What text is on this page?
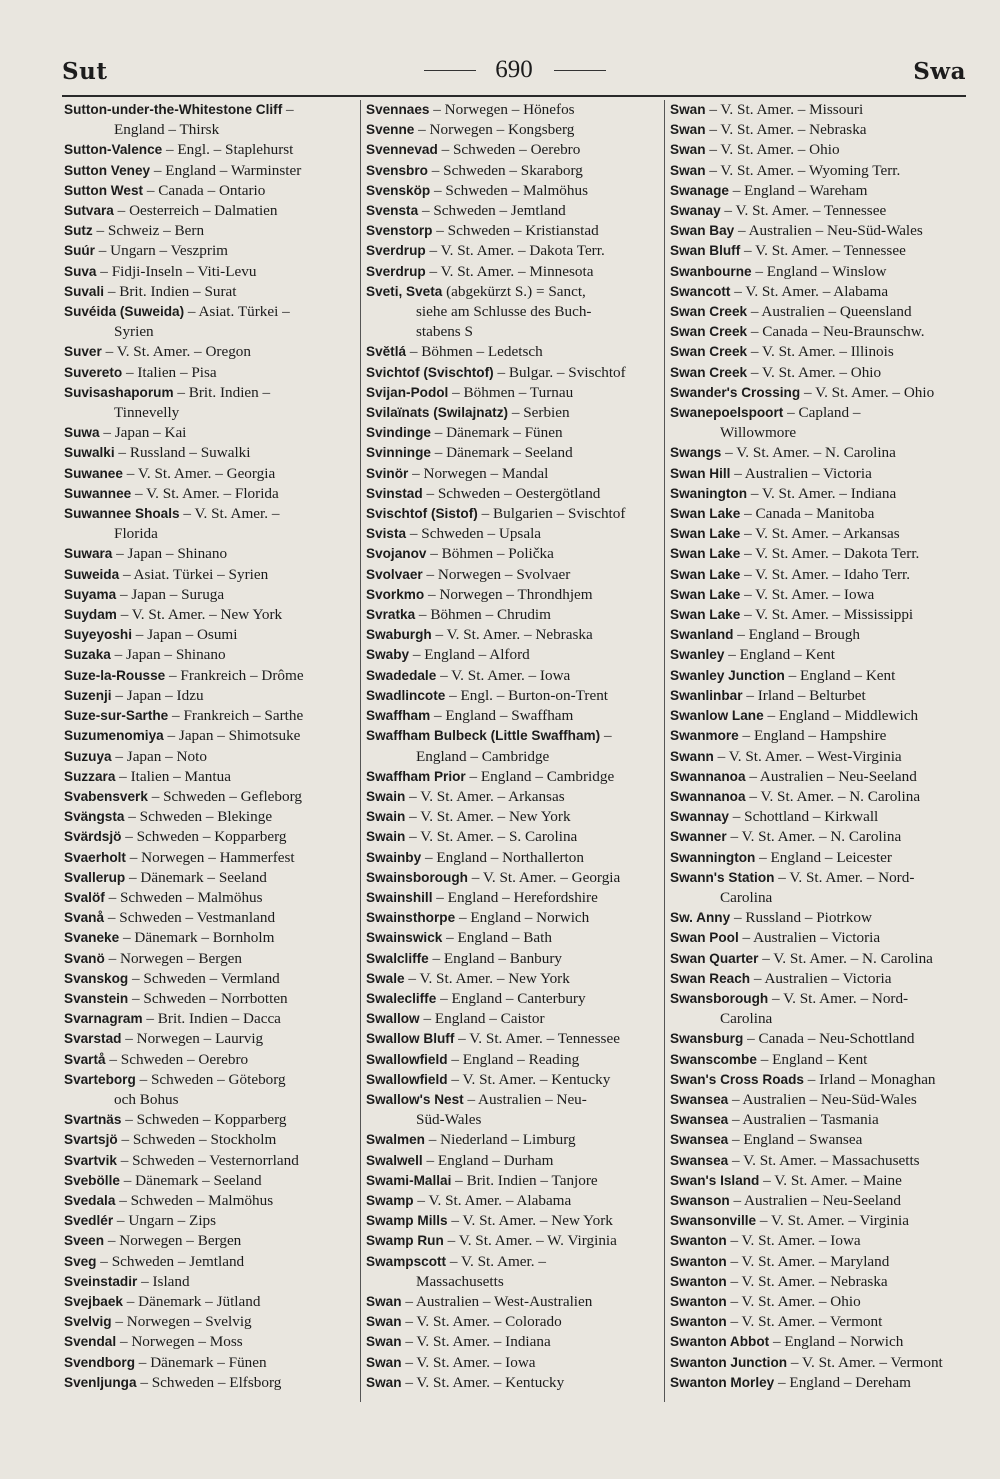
Sut	690	Swa
Sutton-under-the-Whitestone Cliff –
England – Thirsk
Sutton-Valence – Engl. – Staplehurst
Sutton Veney – England – Warminster
Sutton West – Canada – Ontario
Sutvara – Oesterreich – Dalmatien
Sutz – Schweiz – Bern
Suúr – Ungarn – Veszprim
Suva – Fidji-Inseln – Viti-Levu
Suvali – Brit. Indien – Surat
Suvéida (Suweida) – Asiat. Türkei –
Syrien
Suver – V. St. Amer. – Oregon
Suvereto – Italien – Pisa
Suvisashaporum – Brit. Indien –
Tinnevelly
Suwa – Japan – Kai
Suwalki – Russland – Suwalki
Suwanee – V. St. Amer. – Georgia
Suwannee – V. St. Amer. – Florida
Suwannee Shoals – V. St. Amer. –
Florida
Suwara – Japan – Shinano
Suweida – Asiat. Türkei – Syrien
Suyama – Japan – Suruga
Suydam – V. St. Amer. – New York
Suyeyoshi – Japan – Osumi
Suzaka – Japan – Shinano
Suze-la-Rousse – Frankreich – Drôme
Suzenji – Japan – Idzu
Suze-sur-Sarthe – Frankreich – Sarthe
Suzumenomiya – Japan – Shimotsuke
Suzuya – Japan – Noto
Suzzara – Italien – Mantua
Svabensverk – Schweden – Gefleborg
Svängsta – Schweden – Blekinge
Svärdsjö – Schweden – Kopparberg
Svaerholt – Norwegen – Hammerfest
Svallerup – Dänemark – Seeland
Svalöf – Schweden – Malmöhus
Svanå – Schweden – Vestmanland
Svaneke – Dänemark – Bornholm
Svanö – Norwegen – Bergen
Svanskog – Schweden – Vermland
Svanstein – Schweden – Norrbotten
Svarnagram – Brit. Indien – Dacca
Svarstad – Norwegen – Laurvig
Svartå – Schweden – Oerebro
Svarteborg – Schweden – Göteborg
och Bohus
Svartnäs – Schweden – Kopparberg
Svartsjö – Schweden – Stockholm
Svartvik – Schweden – Vesternorrland
Svebölle – Dänemark – Seeland
Svedala – Schweden – Malmöhus
Svedlér – Ungarn – Zips
Sveen – Norwegen – Bergen
Sveg – Schweden – Jemtland
Sveinstadir – Island
Svejbaek – Dänemark – Jütland
Svelvig – Norwegen – Svelvig
Svendal – Norwegen – Moss
Svendborg – Dänemark – Fünen
Svenljunga – Schweden – Elfsborg
Svennaes – Norwegen – Hönefos
Svenne – Norwegen – Kongsberg
Svennevad – Schweden – Oerebro
Svensbro – Schweden – Skaraborg
Svensköp – Schweden – Malmöhus
Svensta – Schweden – Jemtland
Svenstorp – Schweden – Kristianstad
Sverdrup – V. St. Amer. – Dakota Terr.
Sverdrup – V. St. Amer. – Minnesota
Sveti, Sveta (abgekürzt S.) = Sanct,
siehe am Schlusse des Buch-
stabens S
Svĕtlá – Böhmen – Ledetsch
Svichtof (Svischtof) – Bulgar. – Svischtof
Svijan-Podol – Böhmen – Turnau
Svilaïnats (Swilajnatz) – Serbien
Svindinge – Dänemark – Fünen
Svinninge – Dänemark – Seeland
Svinör – Norwegen – Mandal
Svinstad – Schweden – Oestergötland
Svischtof (Sistof) – Bulgarien – Svischtof
Svista – Schweden – Upsala
Svojanov – Böhmen – Polička
Svolvaer – Norwegen – Svolvaer
Svorkmo – Norwegen – Throndhjem
Svratka – Böhmen – Chrudim
Swaburgh – V. St. Amer. – Nebraska
Swaby – England – Alford
Swadedale – V. St. Amer. – Iowa
Swadlincote – Engl. – Burton-on-Trent
Swaffham – England – Swaffham
Swaffham Bulbeck (Little Swaffham) –
England – Cambridge
Swaffham Prior – England – Cambridge
Swain – V. St. Amer. – Arkansas
Swain – V. St. Amer. – New York
Swain – V. St. Amer. – S. Carolina
Swainby – England – Northallerton
Swainsborough – V. St. Amer. – Georgia
Swainshill – England – Herefordshire
Swainsthorpe – England – Norwich
Swainswick – England – Bath
Swalcliffe – England – Banbury
Swale – V. St. Amer. – New York
Swalecliffe – England – Canterbury
Swallow – England – Caistor
Swallow Bluff – V. St. Amer. – Tennessee
Swallowfield – England – Reading
Swallowfield – V. St. Amer. – Kentucky
Swallow's Nest – Australien – Neu-
Süd-Wales
Swalmen – Niederland – Limburg
Swalwell – England – Durham
Swami-Mallai – Brit. Indien – Tanjore
Swamp – V. St. Amer. – Alabama
Swamp Mills – V. St. Amer. – New York
Swamp Run – V. St. Amer. – W. Virginia
Swampscott – V. St. Amer. –
Massachusetts
Swan – Australien – West-Australien
Swan – V. St. Amer. – Colorado
Swan – V. St. Amer. – Indiana
Swan – V. St. Amer. – Iowa
Swan – V. St. Amer. – Kentucky
Swan – V. St. Amer. – Missouri
Swan – V. St. Amer. – Nebraska
Swan – V. St. Amer. – Ohio
Swan – V. St. Amer. – Wyoming Terr.
Swanage – England – Wareham
Swanay – V. St. Amer. – Tennessee
Swan Bay – Australien – Neu-Süd-Wales
Swan Bluff – V. St. Amer. – Tennessee
Swanbourne – England – Winslow
Swancott – V. St. Amer. – Alabama
Swan Creek – Australien – Queensland
Swan Creek – Canada – Neu-Braunschw.
Swan Creek – V. St. Amer. – Illinois
Swan Creek – V. St. Amer. – Ohio
Swander's Crossing – V. St. Amer. – Ohio
Swanepoelspoort – Capland –
Willowmore
Swangs – V. St. Amer. – N. Carolina
Swan Hill – Australien – Victoria
Swanington – V. St. Amer. – Indiana
Swan Lake – Canada – Manitoba
Swan Lake – V. St. Amer. – Arkansas
Swan Lake – V. St. Amer. – Dakota Terr.
Swan Lake – V. St. Amer. – Idaho Terr.
Swan Lake – V. St. Amer. – Iowa
Swan Lake – V. St. Amer. – Mississippi
Swanland – England – Brough
Swanley – England – Kent
Swanley Junction – England – Kent
Swanlinbar – Irland – Belturbet
Swanlow Lane – England – Middlewich
Swanmore – England – Hampshire
Swann – V. St. Amer. – West-Virginia
Swannanoa – Australien – Neu-Seeland
Swannanoa – V. St. Amer. – N. Carolina
Swannay – Schottland – Kirkwall
Swanner – V. St. Amer. – N. Carolina
Swannington – England – Leicester
Swann's Station – V. St. Amer. – Nord-
Carolina
Sw. Anny – Russland – Piotrkow
Swan Pool – Australien – Victoria
Swan Quarter – V. St. Amer. – N. Carolina
Swan Reach – Australien – Victoria
Swansborough – V. St. Amer. – Nord-
Carolina
Swansburg – Canada – Neu-Schottland
Swanscombe – England – Kent
Swan's Cross Roads – Irland – Monaghan
Swansea – Australien – Neu-Süd-Wales
Swansea – Australien – Tasmania
Swansea – England – Swansea
Swansea – V. St. Amer. – Massachusetts
Swan's Island – V. St. Amer. – Maine
Swanson – Australien – Neu-Seeland
Swansonville – V. St. Amer. – Virginia
Swanton – V. St. Amer. – Iowa
Swanton – V. St. Amer. – Maryland
Swanton – V. St. Amer. – Nebraska
Swanton – V. St. Amer. – Ohio
Swanton – V. St. Amer. – Vermont
Swanton Abbot – England – Norwich
Swanton Junction – V. St. Amer. – Vermont
Swanton Morley – England – Dereham
